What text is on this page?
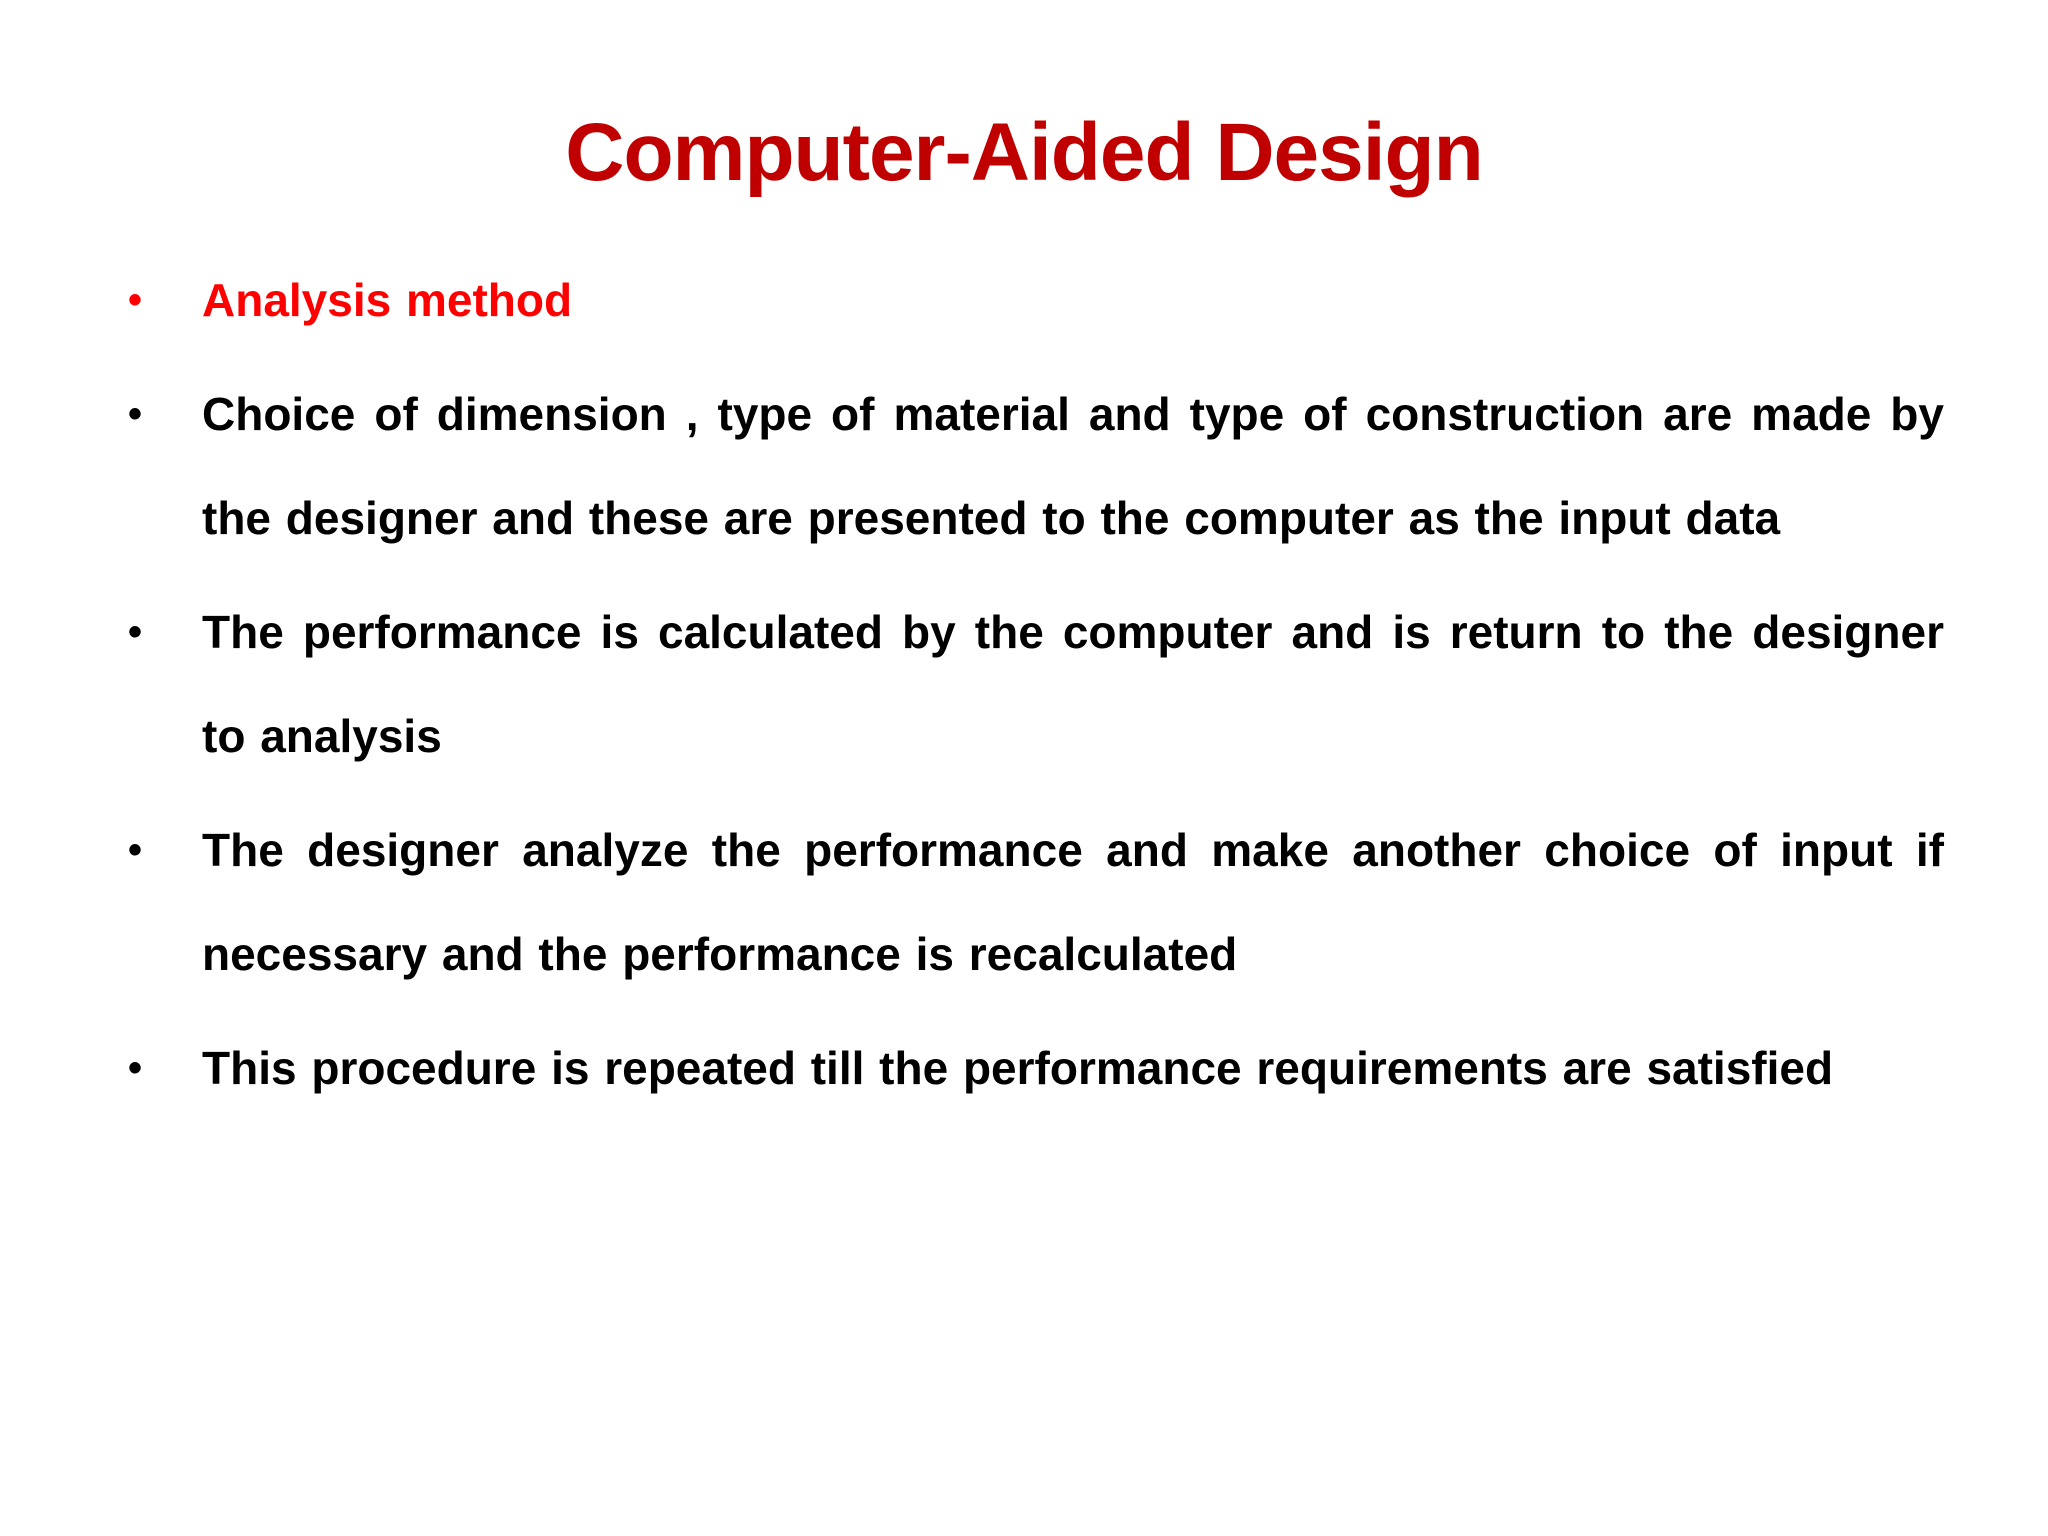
Computer-Aided Design
• Analysis method
• Choice of dimension , type of material and type of construction are made by the designer and these are presented to the computer as the input data
• The performance is calculated by the computer and is return to the designer to analysis
• The designer analyze the performance and make another choice of input if necessary and the performance is recalculated
• This procedure is repeated till the performance requirements are satisfied
